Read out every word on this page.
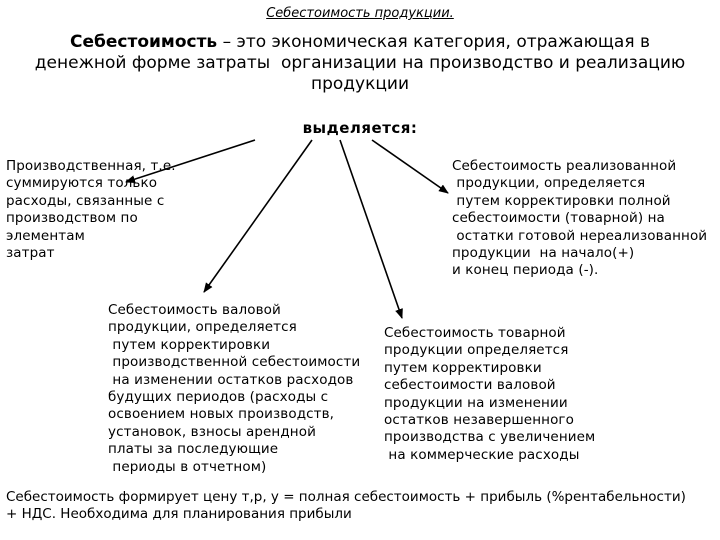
Себестоимость продукции.
Себестоимость – это экономическая категория, отражающая в
денежной форме затраты  организации на производство и реализацию
продукции
выделяется:
Производственная, т.е.
суммируются только
расходы, связанные с
производством по
элементам
затрат
Себестоимость реализованной
продукции, определяется
путем корректировки полной
себестоимости (товарной) на
остатки готовой нереализованной
продукции  на начало(+)
и конец периода (-).
Себестоимость валовой
продукции, определяется
путем корректировки
производственной себестоимости
на изменении остатков расходов
будущих периодов (расходы с
освоением новых производств,
установок, взносы арендной
платы за последующие
периоды в отчетном)
Себестоимость товарной
продукции определяется
путем корректировки
себестоимости валовой
продукции на изменении
остатков незавершенного
производства с увеличением
на коммерческие расходы
Себестоимость формирует цену т,р, у = полная себестоимость + прибыль (%рентабельности)
+ НДС. Необходима для планирования прибыли
